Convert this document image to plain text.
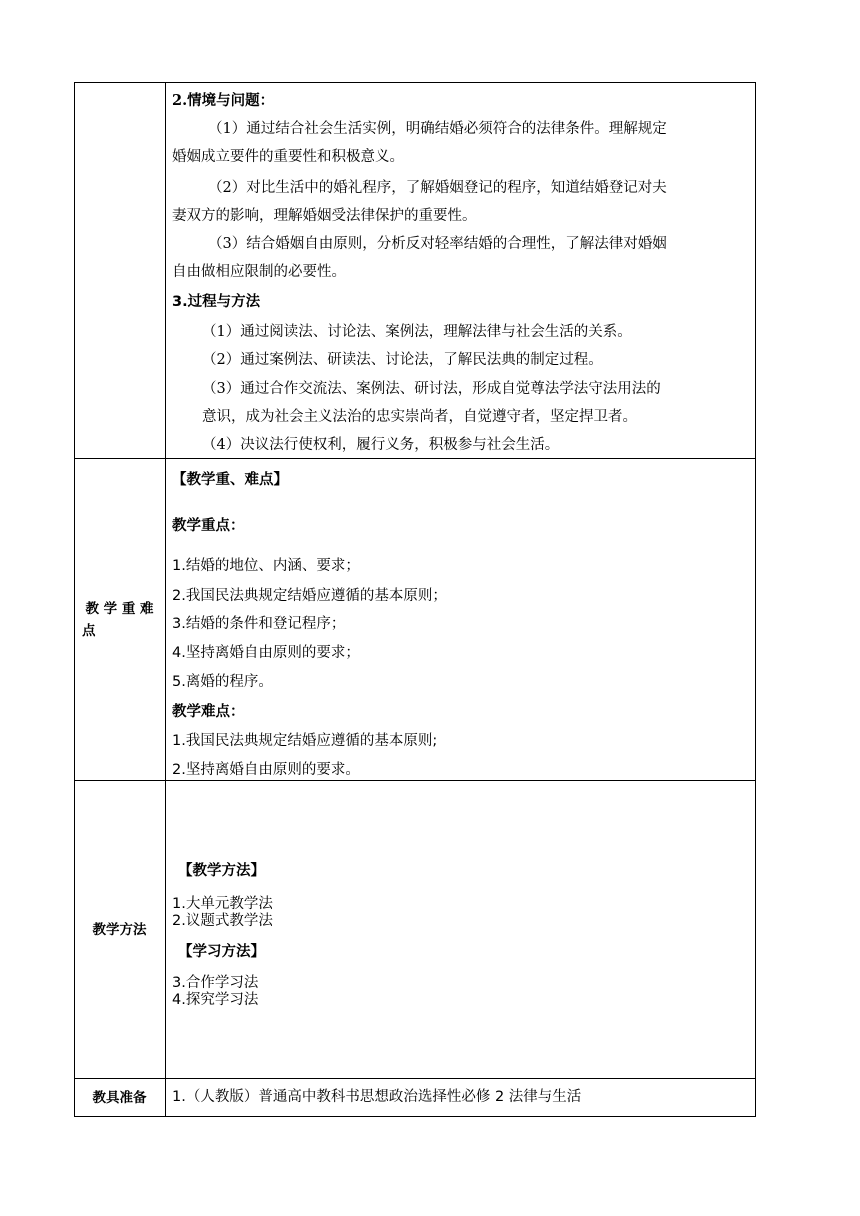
2.情境与问题：
（1）通过结合社会生活实例，明确结婚必须符合的法律条件。理解规定
婚姻成立要件的重要性和积极意义。
（2）对比生活中的婚礼程序，了解婚姻登记的程序，知道结婚登记对夫
妻双方的影响，理解婚姻受法律保护的重要性。
（3）结合婚姻自由原则，分析反对轻率结婚的合理性，了解法律对婚姻
自由做相应限制的必要性。
3.过程与方法
（1）通过阅读法、讨论法、案例法，理解法律与社会生活的关系。
（2）通过案例法、研读法、讨论法，了解民法典的制定过程。
（3）通过合作交流法、案例法、研讨法，形成自觉尊法学法守法用法的
意识，成为社会主义法治的忠实崇尚者，自觉遵守者，坚定捍卫者。
（4）决议法行使权利，履行义务，积极参与社会生活。
教 学 重 难
点
【教学重、难点】
教学重点：
1.结婚的地位、内涵、要求；
2.我国民法典规定结婚应遵循的基本原则；
3.结婚的条件和登记程序；
4.坚持离婚自由原则的要求；
5.离婚的程序。
教学难点：
1.我国民法典规定结婚应遵循的基本原则;
2.坚持离婚自由原则的要求。
教学方法
【教学方法】
1.大单元教学法
2.议题式教学法
【学习方法】
3.合作学习法
4.探究学习法
教具准备	1.（人教版）普通高中教科书思想政治选择性必修 2 法律与生活
